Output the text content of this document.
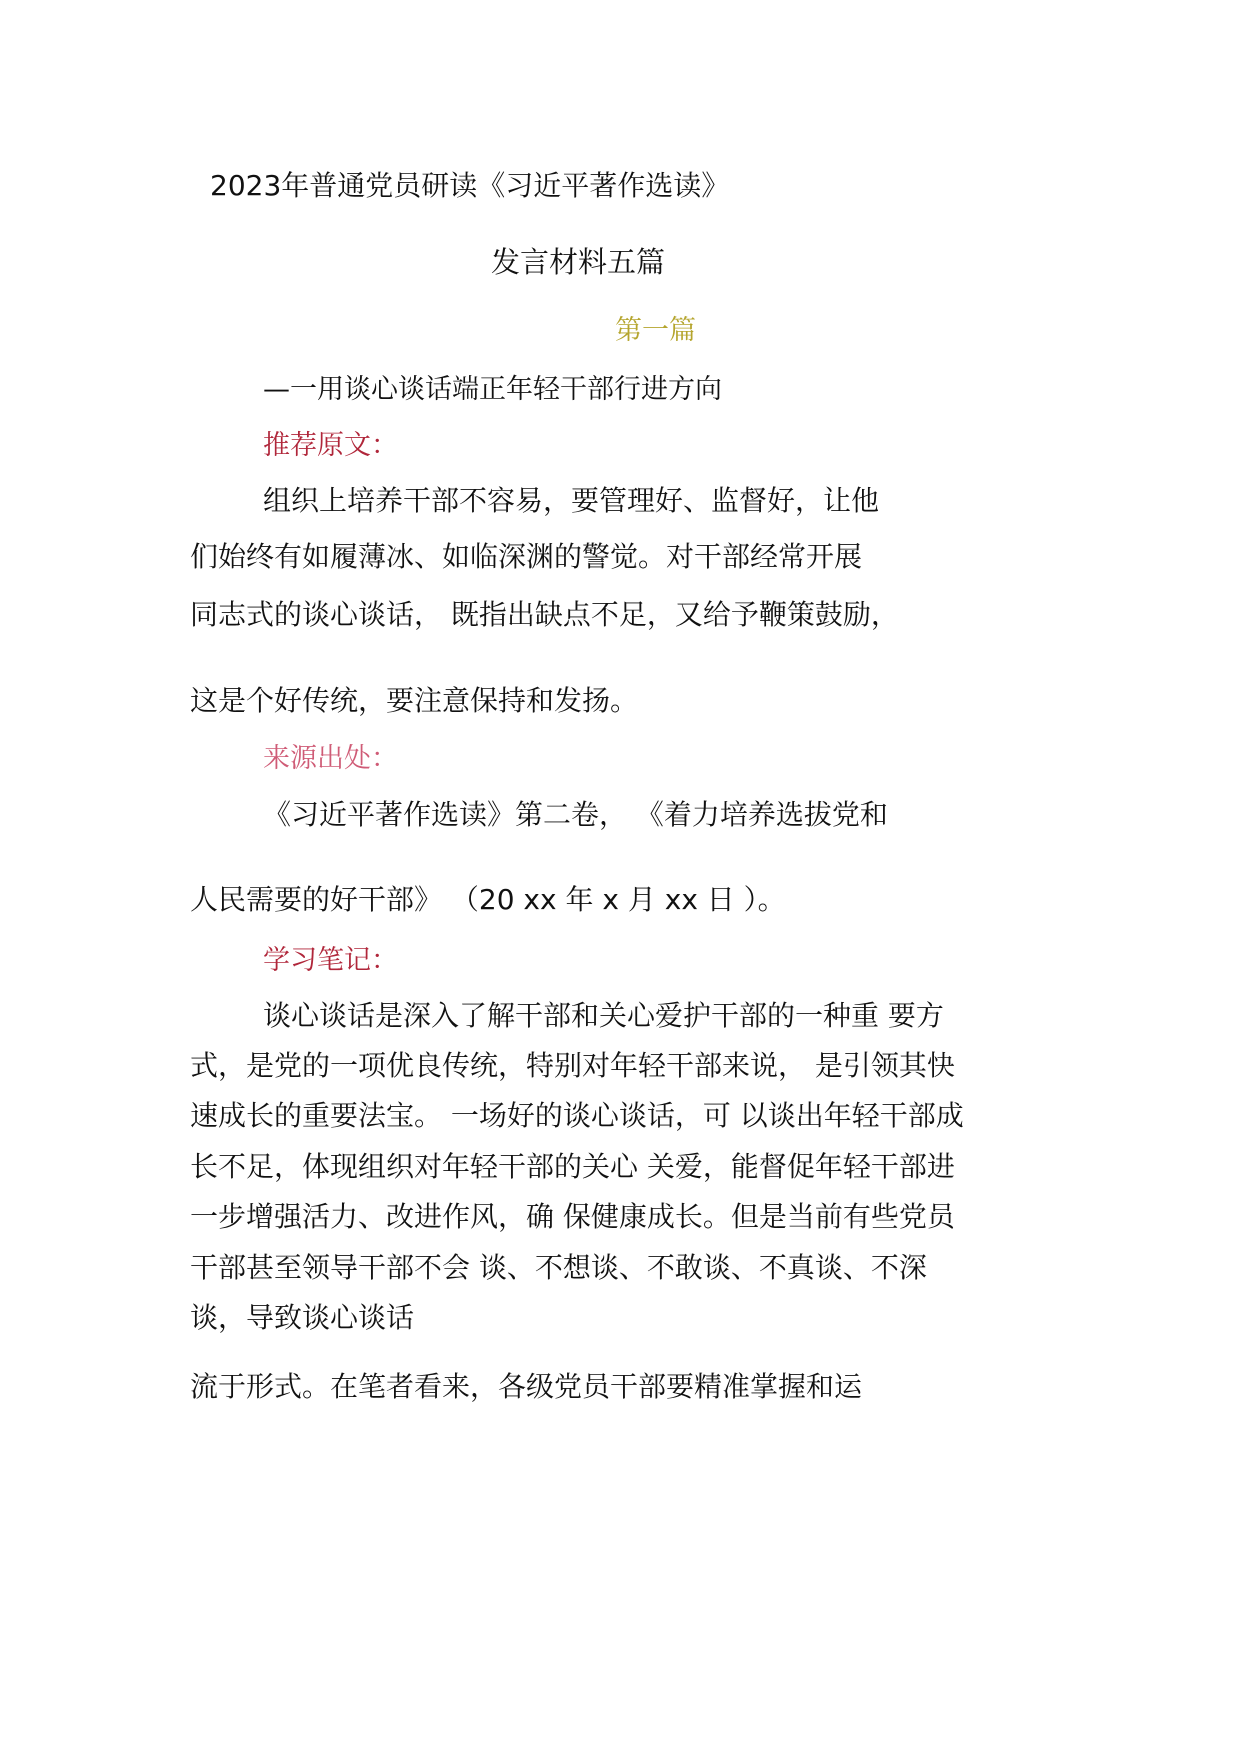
2023年普通党员研读《习近平著作选读》
发言材料五篇
第一篇
—一用谈心谈话端正年轻干部行进方向
推荐原文：
组织上培养干部不容易，要管理好、监督好，让他
们始终有如履薄冰、如临深渊的警觉。对干部经常开展
同志式的谈心谈话， 既指出缺点不足，又给予鞭策鼓励，
这是个好传统，要注意保持和发扬。
来源出处：
《习近平著作选读》第二卷， 《着力培养选拔党和
人民需要的好干部》 （20 xx 年 x 月 xx 日 ）。
学习笔记：
谈心谈话是深入了解干部和关心爱护干部的一种重 要方
式，是党的一项优良传统，特别对年轻干部来说， 是引领其快
速成长的重要法宝。 一场好的谈心谈话，可 以谈出年轻干部成
长不足，体现组织对年轻干部的关心 关爱，能督促年轻干部进
一步增强活力、改进作风，确 保健康成长。但是当前有些党员
干部甚至领导干部不会 谈、不想谈、不敢谈、不真谈、不深
谈，导致谈心谈话
流于形式。在笔者看来，各级党员干部要精准掌握和运
